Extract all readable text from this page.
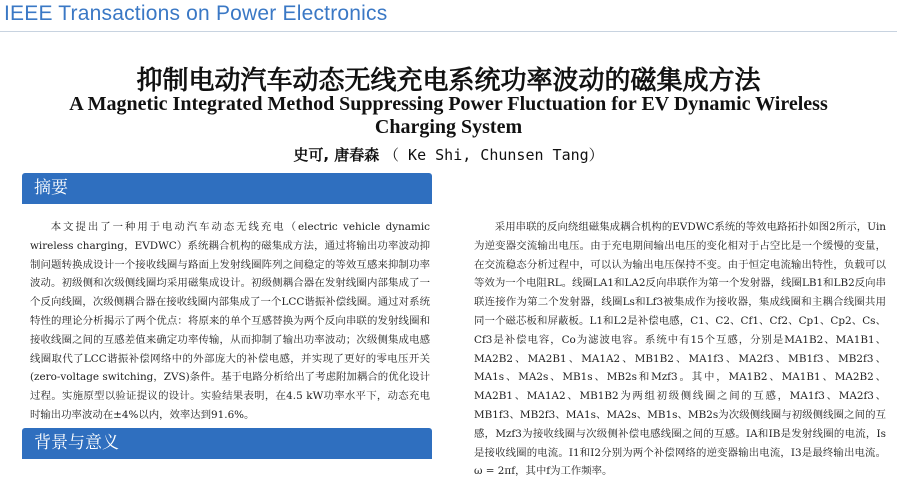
IEEE Transactions on Power Electronics
抑制电动汽车动态无线充电系统功率波动的磁集成方法
A Magnetic Integrated Method Suppressing Power Fluctuation for EV Dynamic Wireless Charging System
史可, 唐春森 （ Ke Shi, Chunsen Tang）
摘要

本文提出了一种用于电动汽车动态无线充电（electric vehicle dynamic wireless charging，EVDWC）系统耦合机构的磁集成方法，通过将输出功率波动抑制问题转换成设计一个接收线圈与路面上发射线圈阵列之间稳定的等效互感来抑制功率波动。初级侧和次级侧线圈均采用磁集成设计。初级侧耦合器在发射线圈内部集成了一个反向线圈，次级侧耦合器在接收线圈内部集成了一个LCC谐振补偿线圈。通过对系统特性的理论分析揭示了两个优点：将原来的单个互感替换为两个反向串联的发射线圈和接收线圈之间的互感差值来确定功率传输，从而抑制了输出功率波动；次级侧集成电感线圈取代了LCC谐振补偿网络中的外部庞大的补偿电感，并实现了更好的零电压开关(zero-voltage switching，ZVS)条件。基于电路分析给出了考虑附加耦合的优化设计过程。实施原型以验证提议的设计。实验结果表明，在4.5 kW功率水平下，动态充电时输出功率波动在±4%以内，效率达到91.6%。

采用串联的反向绕组磁集成耦合机构的EVDWC系统的等效电路拓扑如图2所示，Uin为逆变器交流输出电压。由于充电期间输出电压的变化相对于占空比是一个缓慢的变量，在交流稳态分析过程中，可以认为输出电压保持不变。由于恒定电流输出特性，负载可以等效为一个电阻RL。线圈LA1和LA2反向串联作为第一个发射器，线圈LB1和LB2反向串联连接作为第二个发射器，线圈Ls和Lf3被集成作为接收器，集成线圈和主耦合线圈共用同一个磁芯板和屏蔽板。L1和L2是补偿电感，C1、C2、Cf1、Cf2、Cp1、Cp2、Cs、Cf3是补偿电容，Co为滤波电容。系统中有15个互感，分别是MA1B2、MA1B1、MA2B2、MA2B1、MA1A2、MB1B2、MA1f3、MA2f3、MB1f3、MB2f3、MA1s、MA2s、MB1s、MB2s和Mzf3。其中，MA1B2、MA1B1、MA2B2、MA2B1、MA1A2、MB1B2为两组初级侧线圈之间的互感，MA1f3、MA2f3、MB1f3、MB2f3、MA1s、MA2s、MB1s、MB2s为次级侧线圈与初级侧线圈之间的互感，Mzf3为接收线圈与次级侧补偿电感线圈之间的互感。IA和IB是发射线圈的电流，Is是接收线圈的电流。I1和I2分别为两个补偿网络的逆变器输出电流，I3是最终输出电流。ω = 2πf，其中f为工作频率。

背景与意义
